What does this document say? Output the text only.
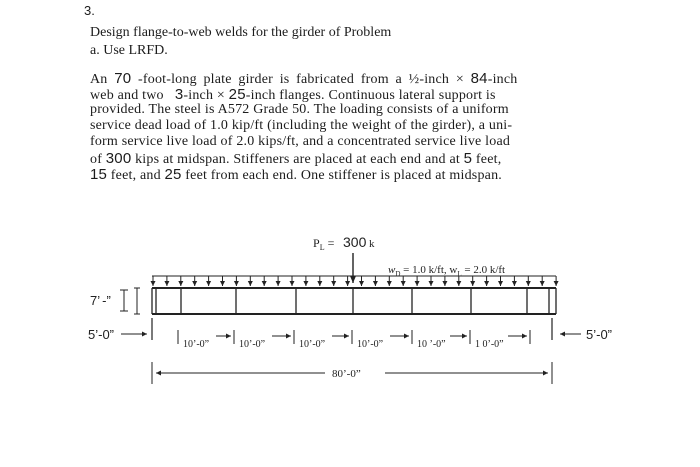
3.
Design flange-to-web welds for the girder of Problem
a. Use LRFD.
An 70 -foot-long plate girder is fabricated from a ½-inch × 84-inch
web and two 3-inch × 25-inch flanges. Continuous lateral support is
provided. The steel is A572 Grade 50. The loading consists of a uniform
service dead load of 1.0 kip/ft (including the weight of the girder), a uni-
form service live load of 2.0 kips/ft, and a concentrated service live load
of 300 kips at midspan. Stiffeners are placed at each end and at 5 feet,
15 feet, and 25 feet from each end. One stiffener is placed at midspan.
$P_L = 300$ k
$w_D = 1.0$ k/ft, $w_L = 2.0$ k/ft
7’ -”
5’-0”	5’-0”
10’-0”	10’-0”	10’-0”	10’-0”	10 ’-0”	1 0’-0”
80’-0”
